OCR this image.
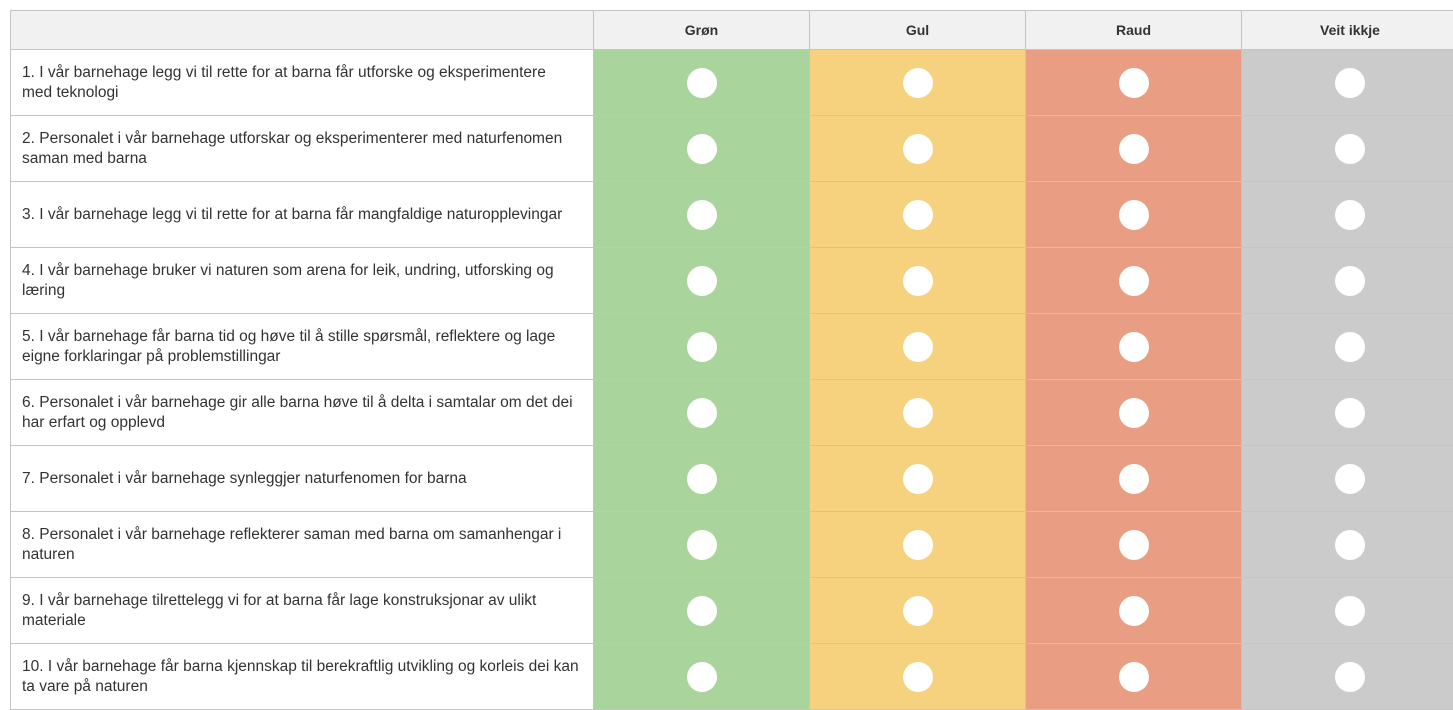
	Grøn	Gul	Raud	Veit ikkje
1. I vår barnehage legg vi til rette for at barna får utforske og eksperimentere med teknologi				
2. Personalet i vår barnehage utforskar og eksperimenterer med naturfenomen saman med barna				
3. I vår barnehage legg vi til rette for at barna får mangfaldige naturopplevingar				
4. I vår barnehage bruker vi naturen som arena for leik, undring, utforsking og læring				
5. I vår barnehage får barna tid og høve til å stille spørsmål, reflektere og lage eigne forklaringar på problemstillingar				
6. Personalet i vår barnehage gir alle barna høve til å delta i samtalar om det dei har erfart og opplevd				
7. Personalet i vår barnehage synleggjer naturfenomen for barna				
8. Personalet i vår barnehage reflekterer saman med barna om samanhengar i naturen				
9. I vår barnehage tilrettelegg vi for at barna får lage konstruksjonar av ulikt materiale				
10. I vår barnehage får barna kjennskap til berekraftlig utvikling og korleis dei kan ta vare på naturen				
